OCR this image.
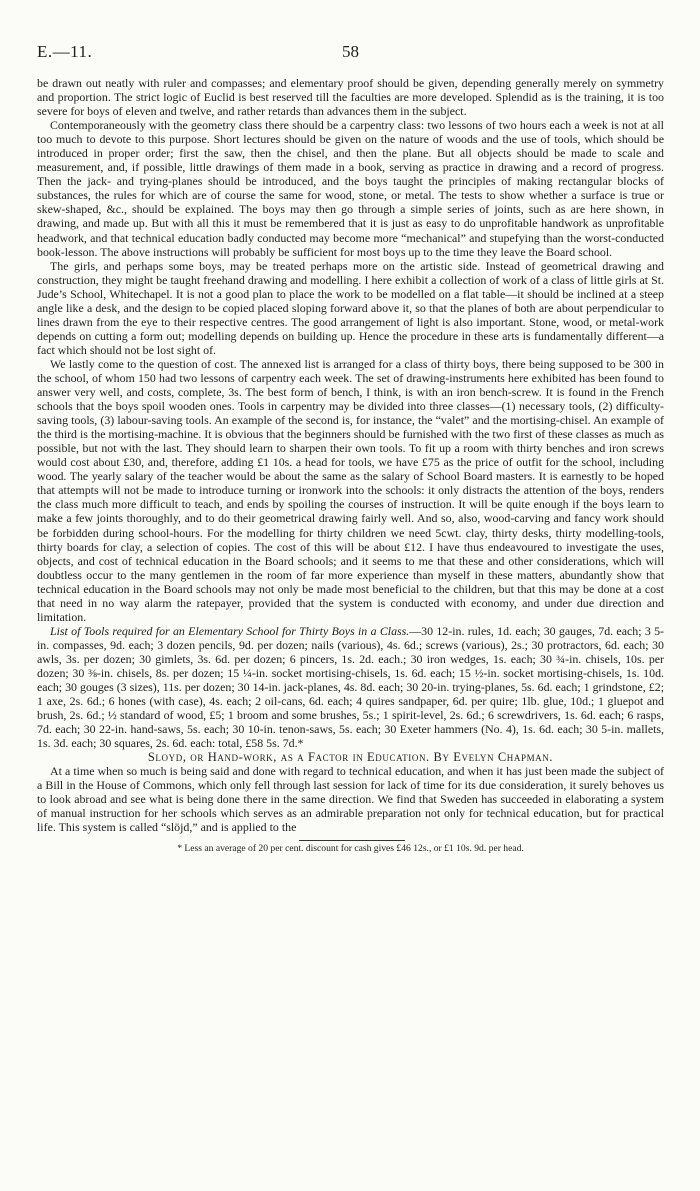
E.—11.	58

be drawn out neatly with ruler and compasses; and elementary proof should be given, depending generally merely on symmetry and proportion. The strict logic of Euclid is best reserved till the faculties are more developed. Splendid as is the training, it is too severe for boys of eleven and twelve, and rather retards than advances them in the subject.

Contemporaneously with the geometry class there should be a carpentry class: two lessons of two hours each a week is not at all too much to devote to this purpose. Short lectures should be given on the nature of woods and the use of tools, which should be introduced in proper order; first the saw, then the chisel, and then the plane. But all objects should be made to scale and measurement, and, if possible, little drawings of them made in a book, serving as practice in drawing and a record of progress. Then the jack- and trying-planes should be introduced, and the boys taught the principles of making rectangular blocks of substances, the rules for which are of course the same for wood, stone, or metal. The tests to show whether a surface is true or skew-shaped, &c., should be explained. The boys may then go through a simple series of joints, such as are here shown, in drawing, and made up. But with all this it must be remembered that it is just as easy to do unprofitable handwork as unprofitable headwork, and that technical education badly conducted may become more “mechanical” and stupefying than the worst-conducted book-lesson. The above instructions will probably be sufficient for most boys up to the time they leave the Board school.

The girls, and perhaps some boys, may be treated perhaps more on the artistic side. Instead of geometrical drawing and construction, they might be taught freehand drawing and modelling. I here exhibit a collection of work of a class of little girls at St. Jude’s School, Whitechapel. It is not a good plan to place the work to be modelled on a flat table—it should be inclined at a steep angle like a desk, and the design to be copied placed sloping forward above it, so that the planes of both are about perpendicular to lines drawn from the eye to their respective centres. The good arrangement of light is also important. Stone, wood, or metal-work depends on cutting a form out; modelling depends on building up. Hence the procedure in these arts is fundamentally different—a fact which should not be lost sight of.

We lastly come to the question of cost. The annexed list is arranged for a class of thirty boys, there being supposed to be 300 in the school, of whom 150 had two lessons of carpentry each week. The set of drawing-instruments here exhibited has been found to answer very well, and costs, complete, 3s. The best form of bench, I think, is with an iron bench-screw. It is found in the French schools that the boys spoil wooden ones. Tools in carpentry may be divided into three classes—(1) necessary tools, (2) difficulty-saving tools, (3) labour-saving tools. An example of the second is, for instance, the “valet” and the mortising-chisel. An example of the third is the mortising-machine. It is obvious that the beginners should be furnished with the two first of these classes as much as possible, but not with the last. They should learn to sharpen their own tools. To fit up a room with thirty benches and iron screws would cost about £30, and, therefore, adding £1 10s. a head for tools, we have £75 as the price of outfit for the school, including wood. The yearly salary of the teacher would be about the same as the salary of School Board masters. It is earnestly to be hoped that attempts will not be made to introduce turning or ironwork into the schools: it only distracts the attention of the boys, renders the class much more difficult to teach, and ends by spoiling the courses of instruction. It will be quite enough if the boys learn to make a few joints thoroughly, and to do their geometrical drawing fairly well. And so, also, wood-carving and fancy work should be forbidden during school-hours. For the modelling for thirty children we need 5cwt. clay, thirty desks, thirty modelling-tools, thirty boards for clay, a selection of copies. The cost of this will be about £12. I have thus endeavoured to investigate the uses, objects, and cost of technical education in the Board schools; and it seems to me that these and other considerations, which will doubtless occur to the many gentlemen in the room of far more experience than myself in these matters, abundantly show that technical education in the Board schools may not only be made most beneficial to the children, but that this may be done at a cost that need in no way alarm the ratepayer, provided that the system is conducted with economy, and under due direction and limitation.

List of Tools required for an Elementary School for Thirty Boys in a Class.—30 12-in. rules, 1d. each; 30 gauges, 7d. each; 3 5-in. compasses, 9d. each; 3 dozen pencils, 9d. per dozen; nails (various), 4s. 6d.; screws (various), 2s.; 30 protractors, 6d. each; 30 awls, 3s. per dozen; 30 gimlets, 3s. 6d. per dozen; 6 pincers, 1s. 2d. each.; 30 iron wedges, 1s. each; 30 ¾-in. chisels, 10s. per dozen; 30 ⅜-in. chisels, 8s. per dozen; 15 ¼-in. socket mortising-chisels, 1s. 6d. each; 15 ½-in. socket mortising-chisels, 1s. 10d. each; 30 gouges (3 sizes), 11s. per dozen; 30 14-in. jack-planes, 4s. 8d. each; 30 20-in. trying-planes, 5s. 6d. each; 1 grindstone, £2; 1 axe, 2s. 6d.; 6 hones (with case), 4s. each; 2 oil-cans, 6d. each; 4 quires sandpaper, 6d. per quire; 1lb. glue, 10d.; 1 gluepot and brush, 2s. 6d.; ½ standard of wood, £5; 1 broom and some brushes, 5s.; 1 spirit-level, 2s. 6d.; 6 screwdrivers, 1s. 6d. each; 6 rasps, 7d. each; 30 22-in. hand-saws, 5s. each; 30 10-in. tenon-saws, 5s. each; 30 Exeter hammers (No. 4), 1s. 6d. each; 30 5-in. mallets, 1s. 3d. each; 30 squares, 2s. 6d. each: total, £58 5s. 7d.*

Sloyd, or Hand-work, as a Factor in Education. By Evelyn Chapman.

At a time when so much is being said and done with regard to technical education, and when it has just been made the subject of a Bill in the House of Commons, which only fell through last session for lack of time for its due consideration, it surely behoves us to look abroad and see what is being done there in the same direction. We find that Sweden has succeeded in elaborating a system of manual instruction for her schools which serves as an admirable preparation not only for technical education, but for practical life. This system is called “slöjd,” and is applied to the

* Less an average of 20 per cent. discount for cash gives £46 12s., or £1 10s. 9d. per head.
